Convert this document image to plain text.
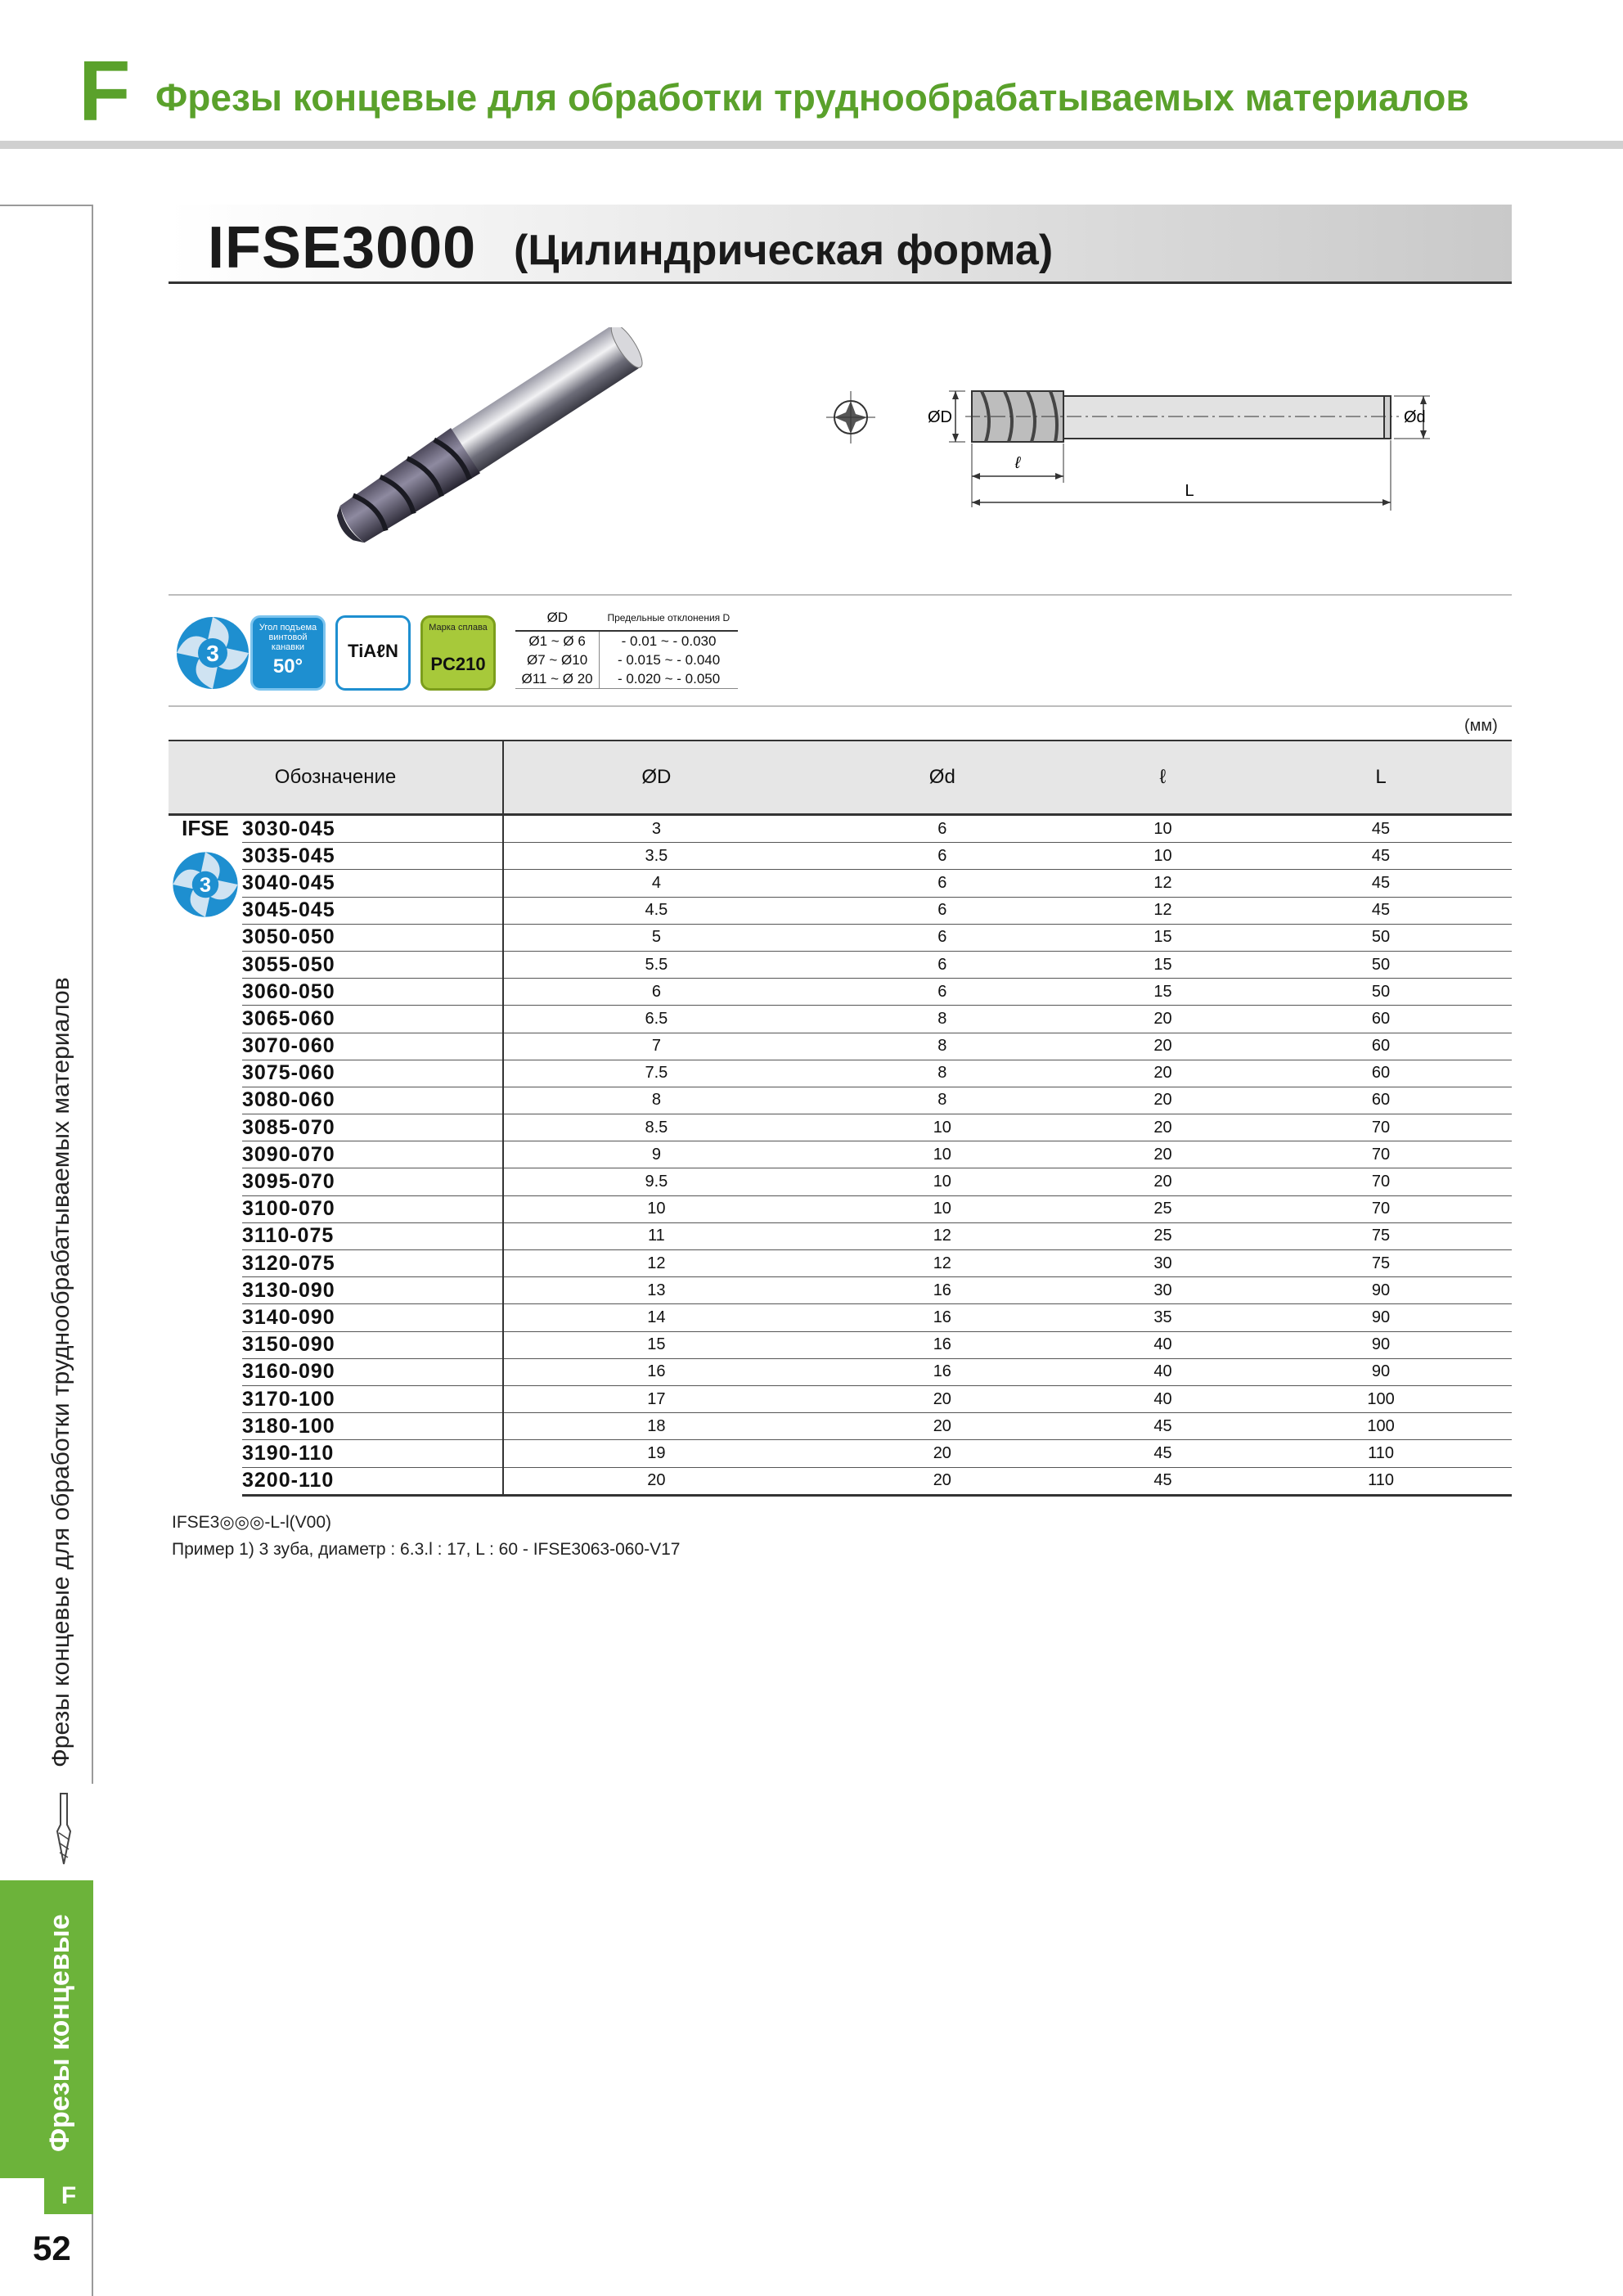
F Фрезы концевые для обработки труднообрабатываемых материалов
Фрезы концевые для обработки труднообрабатываемых материалов
Фрезы концевые
F
52
IFSE3000 (Цилиндрическая форма)
ØD	Ød
ℓ
L
3
Угол подъема винтовой канавки
50°
TiAℓN
Марка сплава
PC210
ØD	Предельные отклонения D
Ø1 ~ Ø 6	- 0.01 ~ - 0.030
Ø7 ~ Ø10	- 0.015 ~ - 0.040
Ø11 ~ Ø 20	- 0.020 ~ - 0.050
(мм)
Обозначение		ØD	Ød	ℓ	L

IFSE
3	3030-045	3	6	10	45
	3035-045	3.5	6	10	45
	3040-045	4	6	12	45
	3045-045	4.5	6	12	45
	3050-050	5	6	15	50
	3055-050	5.5	6	15	50
	3060-050	6	6	15	50
	3065-060	6.5	8	20	60
	3070-060	7	8	20	60
	3075-060	7.5	8	20	60
	3080-060	8	8	20	60
	3085-070	8.5	10	20	70
	3090-070	9	10	20	70
	3095-070	9.5	10	20	70
	3100-070	10	10	25	70
	3110-075	11	12	25	75
	3120-075	12	12	30	75
	3130-090	13	16	30	90
	3140-090	14	16	35	90
	3150-090	15	16	40	90
	3160-090	16	16	40	90
	3170-100	17	20	40	100
	3180-100	18	20	45	100
	3190-110	19	20	45	110
	3200-110	20	20	45	110
IFSE3◎◎◎-L-l(V00)
Пример 1) 3 зуба, диаметр : 6.3.l : 17, L : 60 - IFSE3063-060-V17
